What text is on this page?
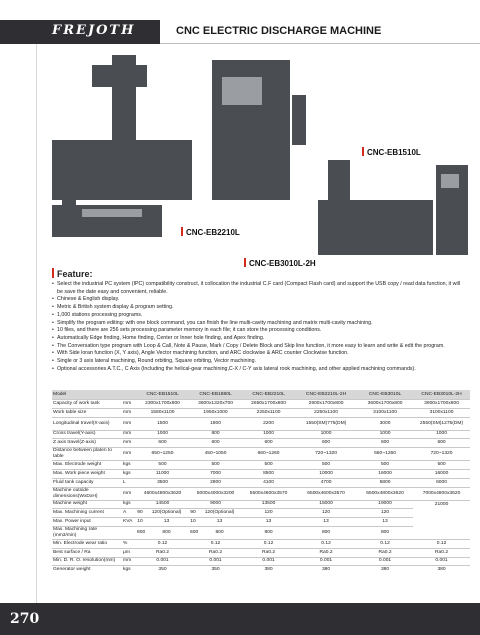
FREJOTH	CNC ELECTRIC DISCHARGE MACHINE
CNC-EB1510L
CNC-EB2210L
CNC-EB3010L-2H
Feature:
• Select the industrial PC system (IPC) compatibility construct, it collocation the industrial C.F card (Compact Flash card) and support the USB copy / read data function, it will be save the date easy and convenient, reliable.
• Chinese & English display.
• Metric & British system display & program setting.
• 1,000 stations processing programs.
• Simplify the program editing: with one block command, you can finish the line multi-cavity machining and matrix multi-cavity machining.
• 10 files, and there are 256 sets processing parameter memory in each file; it can store the processing conditions.
• Automatically Edge finding, Home finding, Center or Inner hole finding, and Apex finding.
• The Conversation type program with Loop & Call, Note & Pause, Mark / Copy / Delete Block and Skip line function, it more easy to learn and write & edit the program.
• With Side loran function (X, Y axis), Angle Vector machining function, and ARC clockwise & ARC counter Clockwise function.
• Single or 3 axis lateral machining, Round orbiting, Square orbiting, Vector machining.
• Optional accessories A.T.C., C Axis (Including the helical-gear machining,C-X / C-Y axis lateral rook machining, and other applied machining commands).
Model		CNC-EB1510L		CNC-EB1880L		CNC-EB2210L	CNC-EB2210L-2H	CNC-EB3010L	CNC-EB3010L-2H
Capacity of work tank	mm	2300x1700x800		3600x1320x700		2650x1700x800	2900x1700x800	3600x1700x800	3900x1700x800
Work table size	mm	1580x1100		1950x1000		2250x1100	2250x1100	3100x1100	3100x1100
Longitudinal travel(X-axis)	mm	1500		1800		2200	1550(SM)775(DM)	3000	2550(SM)1275(DM)
Cross travel(Y-axis)	mm	1000		800		1000	1000	1000	1000
Z axis travel(Z-axis)	mm	600		600		600	600	600	600
Distance between platen to table	mm	650~1250		450~1050		660~1260	720~1320	660~1260	720~1320
Max. Electrode weight	kgs	500		500		500	500	500	500
Max. Work piece weight	kgs	11000		7000		8500	10000	16000	16000
Fluid tank capacity	L	3500		2800		4100	4700	5800	6000
Machine outside dimensions(WxDxH)	mm	4600x4800x3620		5000x4000x3200		5500x4600x3570	6500x4600x3570	6500x4800x3620	7000x4800x3620
Machine weight	kgs	14500		9000		13500	15000	19000	21000
Max. Machining current	A	90	120(Optional)	90	120(Optional)	120	120	120	
Max. Power input	KVA	10	13	10	13	13	13	13	
Max. Machining rate (mm3/min)		800	800	600	800	800	800	800	
Min. Electrode wear ratio	%	0.12		0.12		0.12	0.12	0.12	0.12
Best surface / Ra	μm	Ra0.2		Ra0.2		Ra0.2	Ra0.2	Ra0.2	Ra0.2
Min. D. R. O. resolution(mm)	mm	0.001		0.001		0.001	0.001	0.001	0.001
Generator weight	kgs	350		350		380	380	380	380
270
